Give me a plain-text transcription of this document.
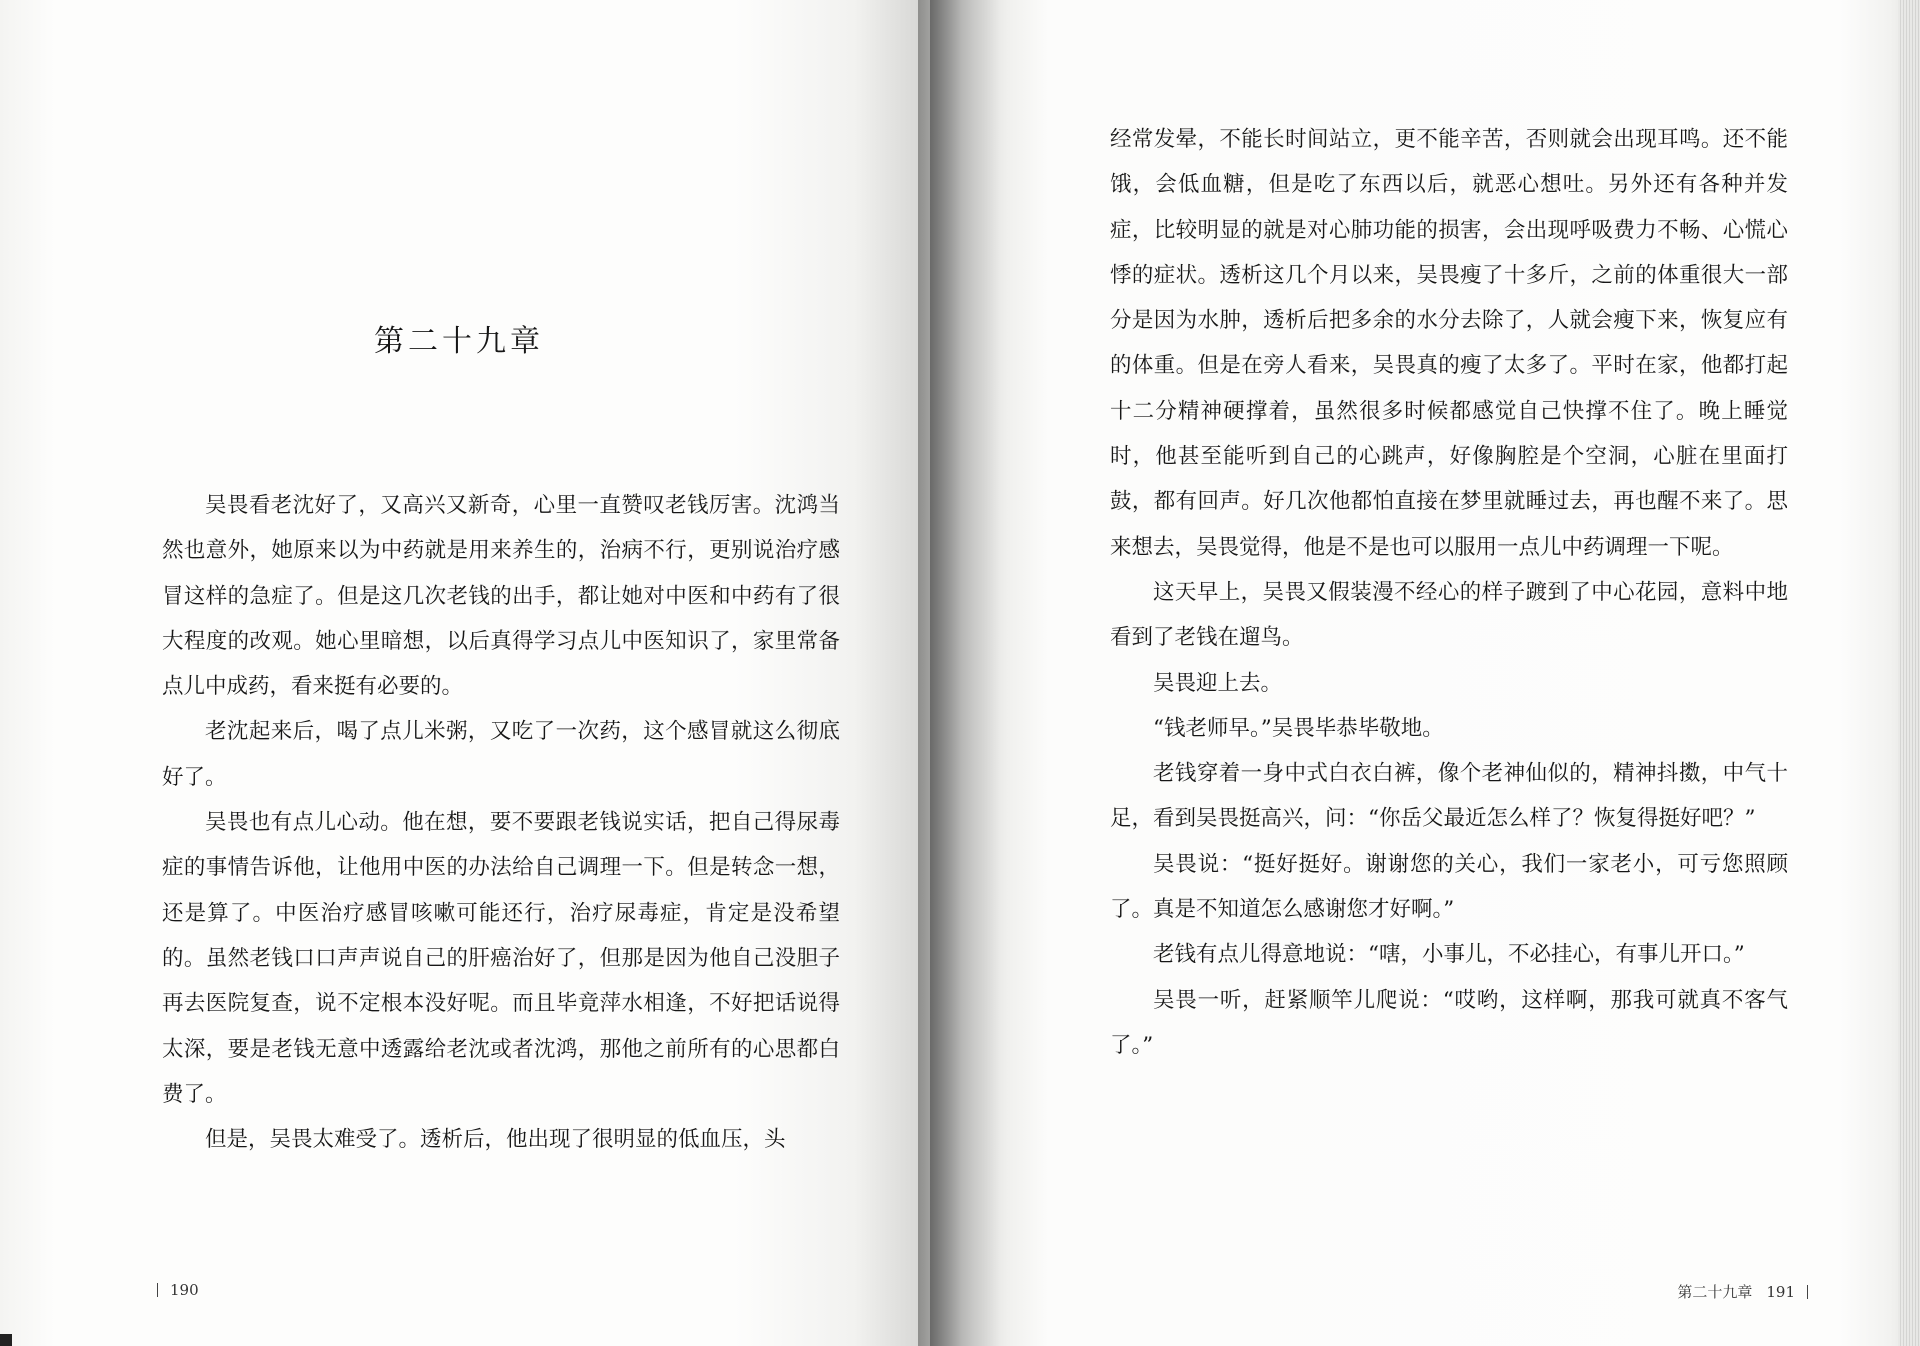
第二十九章

吴畏看老沈好了，又高兴又新奇，心里一直赞叹老钱厉害。沈鸿当然也意外，她原来以为中药就是用来养生的，治病不行，更别说治疗感冒这样的急症了。但是这几次老钱的出手，都让她对中医和中药有了很大程度的改观。她心里暗想，以后真得学习点儿中医知识了，家里常备点儿中成药，看来挺有必要的。

老沈起来后，喝了点儿米粥，又吃了一次药，这个感冒就这么彻底好了。

吴畏也有点儿心动。他在想，要不要跟老钱说实话，把自己得尿毒症的事情告诉他，让他用中医的办法给自己调理一下。但是转念一想，还是算了。中医治疗感冒咳嗽可能还行，治疗尿毒症，肯定是没希望的。虽然老钱口口声声说自己的肝癌治好了，但那是因为他自己没胆子再去医院复查，说不定根本没好呢。而且毕竟萍水相逢，不好把话说得太深，要是老钱无意中透露给老沈或者沈鸿，那他之前所有的心思都白费了。

但是，吴畏太难受了。透析后，他出现了很明显的低血压，头

190

经常发晕，不能长时间站立，更不能辛苦，否则就会出现耳鸣。还不能饿，会低血糖，但是吃了东西以后，就恶心想吐。另外还有各种并发症，比较明显的就是对心肺功能的损害，会出现呼吸费力不畅、心慌心悸的症状。透析这几个月以来，吴畏瘦了十多斤，之前的体重很大一部分是因为水肿，透析后把多余的水分去除了，人就会瘦下来，恢复应有的体重。但是在旁人看来，吴畏真的瘦了太多了。平时在家，他都打起十二分精神硬撑着，虽然很多时候都感觉自己快撑不住了。晚上睡觉时，他甚至能听到自己的心跳声，好像胸腔是个空洞，心脏在里面打鼓，都有回声。好几次他都怕直接在梦里就睡过去，再也醒不来了。思来想去，吴畏觉得，他是不是也可以服用一点儿中药调理一下呢。

这天早上，吴畏又假装漫不经心的样子踱到了中心花园，意料中地看到了老钱在遛鸟。

吴畏迎上去。

“钱老师早。”吴畏毕恭毕敬地。

老钱穿着一身中式白衣白裤，像个老神仙似的，精神抖擞，中气十足，看到吴畏挺高兴，问：“你岳父最近怎么样了？恢复得挺好吧？”

吴畏说：“挺好挺好。谢谢您的关心，我们一家老小，可亏您照顾了。真是不知道怎么感谢您才好啊。”

老钱有点儿得意地说：“嗐，小事儿，不必挂心，有事儿开口。”

吴畏一听，赶紧顺竿儿爬说：“哎哟，这样啊，那我可就真不客气了。”

第二十九章 191
